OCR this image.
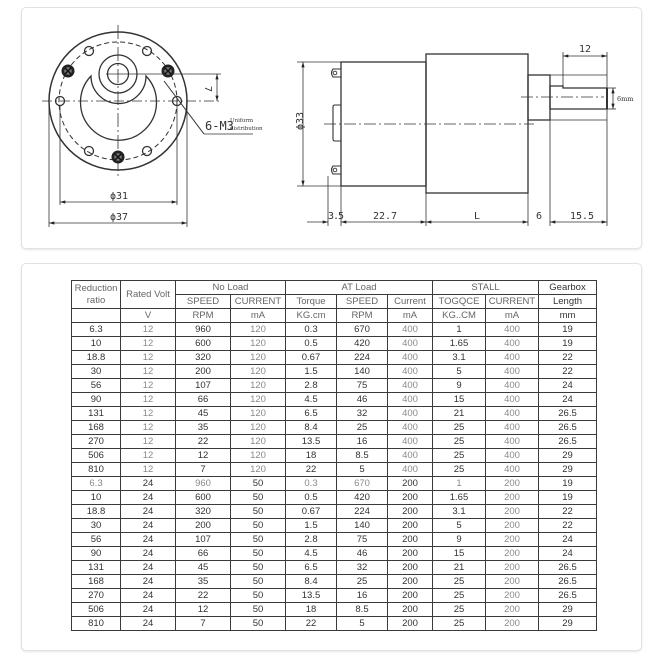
7
6-M3
Uniform
distribution
ϕ31
ϕ37
ϕ33
3.5	22.7	L	6	15.5
12
6mm
Reduction
ratio	Rated Volt	No Load		AT Load			STALL		Gearbox
		SPEED	CURRENT	Torque	SPEED	Current	TOGQCE	CURRENT	Length
	V	RPM	mA	KG.cm	RPM	mA	KG..CM	mA	mm
6.3	12	960	120	0.3	670	400	1	400	19
10	12	600	120	0.5	420	400	1.65	400	19
18.8	12	320	120	0.67	224	400	3.1	400	22
30	12	200	120	1.5	140	400	5	400	22
56	12	107	120	2.8	75	400	9	400	24
90	12	66	120	4.5	46	400	15	400	24
131	12	45	120	6.5	32	400	21	400	26.5
168	12	35	120	8.4	25	400	25	400	26.5
270	12	22	120	13.5	16	400	25	400	26.5
506	12	12	120	18	8.5	400	25	400	29
810	12	7	120	22	5	400	25	400	29
6.3	24	960	50	0.3	670	200	1	200	19
10	24	600	50	0.5	420	200	1.65	200	19
18.8	24	320	50	0.67	224	200	3.1	200	22
30	24	200	50	1.5	140	200	5	200	22
56	24	107	50	2.8	75	200	9	200	24
90	24	66	50	4.5	46	200	15	200	24
131	24	45	50	6.5	32	200	21	200	26.5
168	24	35	50	8.4	25	200	25	200	26.5
270	24	22	50	13.5	16	200	25	200	26.5
506	24	12	50	18	8.5	200	25	200	29
810	24	7	50	22	5	200	25	200	29
